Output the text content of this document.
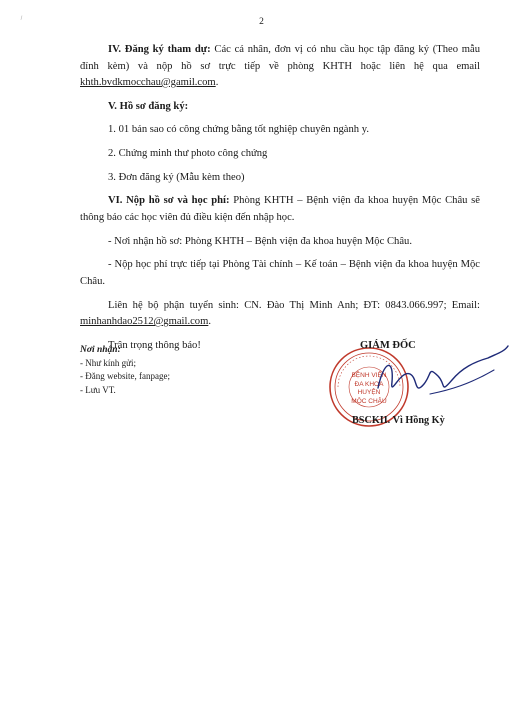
⸝
2

IV. Đăng ký tham dự: Các cá nhân, đơn vị có nhu cầu học tập đăng ký (Theo mẫu đính kèm) và nộp hồ sơ trực tiếp về phòng KHTH hoặc liên hệ qua email khth.bvdkmocchau@gamil.com.

V. Hồ sơ đăng ký:

1. 01 bản sao có công chứng bằng tốt nghiệp chuyên ngành y.

2. Chứng minh thư photo công chứng

3. Đơn đăng ký (Mẫu kèm theo)

VI. Nộp hồ sơ và học phí: Phòng KHTH – Bệnh viện đa khoa huyện Mộc Châu sẽ thông báo các học viên đủ điều kiện đến nhập học.

- Nơi nhận hồ sơ: Phòng KHTH – Bệnh viện đa khoa huyện Mộc Châu.

- Nộp học phí trực tiếp tại Phòng Tài chính – Kế toán – Bệnh viện đa khoa huyện Mộc Châu.

Liên hệ bộ phận tuyển sinh: CN. Đào Thị Minh Anh; ĐT: 0843.066.997; Email: minhanhdao2512@gmail.com.

Trân trọng thông báo!

Nơi nhận:
- Như kính gửi;
- Đăng website, fanpage;
- Lưu VT.
BỆNH VIỆN
ĐA KHOA
HUYỆN
MỘC CHÂU
GIÁM ĐỐC
BSCKII. Vì Hồng Kỳ
